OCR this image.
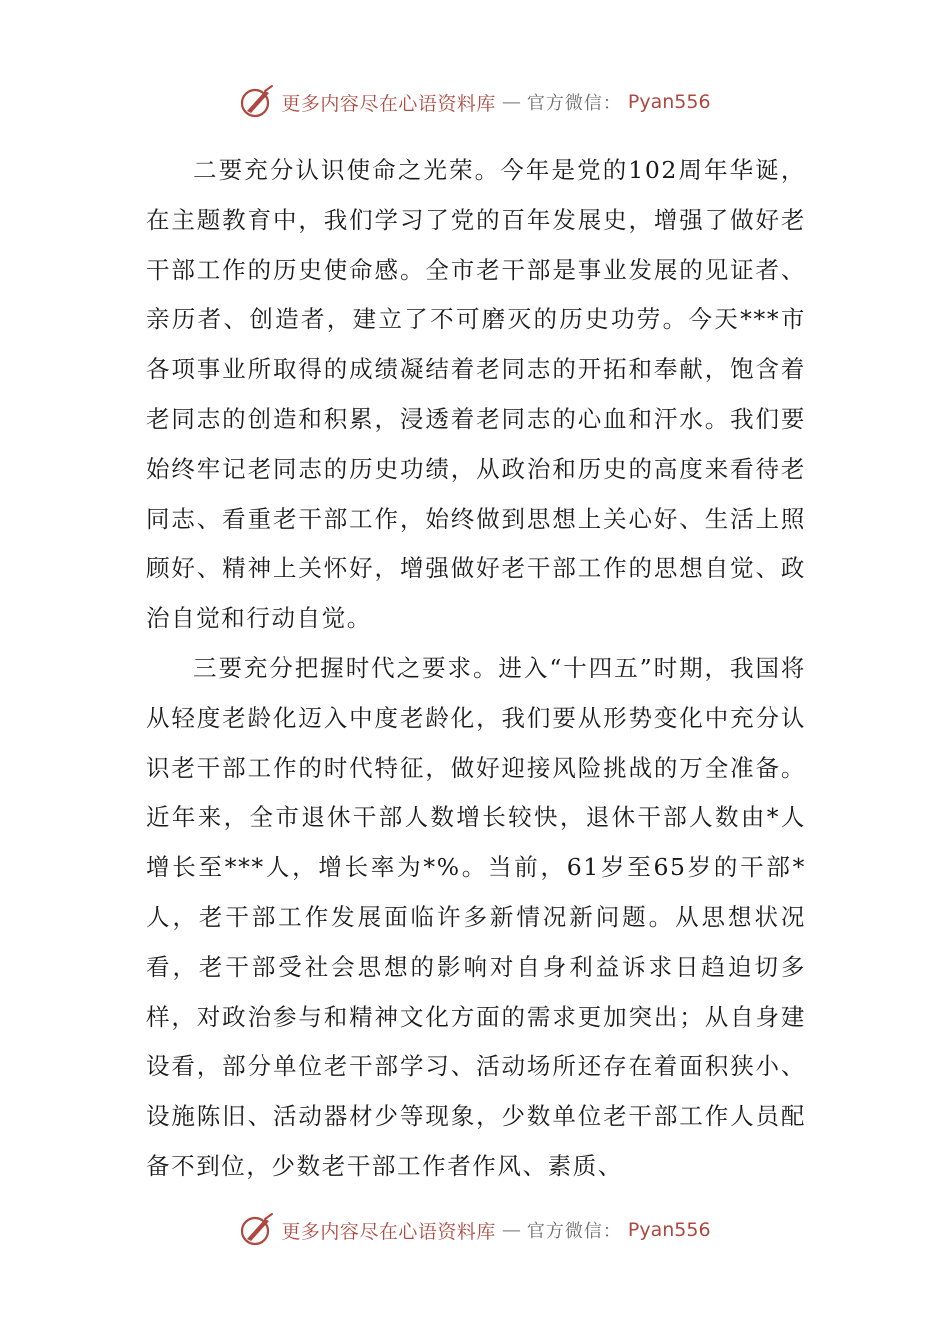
更多内容尽在心语资料库 — 官方微信： Pyan556

二要充分认识使命之光荣。今年是党的102周年华诞，在主题教育中，我们学习了党的百年发展史，增强了做好老干部工作的历史使命感。全市老干部是事业发展的见证者、亲历者、创造者，建立了不可磨灭的历史功劳。今天***市各项事业所取得的成绩凝结着老同志的开拓和奉献，饱含着老同志的创造和积累，浸透着老同志的心血和汗水。我们要始终牢记老同志的历史功绩，从政治和历史的高度来看待老同志、看重老干部工作，始终做到思想上关心好、生活上照顾好、精神上关怀好，增强做好老干部工作的思想自觉、政治自觉和行动自觉。

三要充分把握时代之要求。进入“十四五”时期，我国将从轻度老龄化迈入中度老龄化，我们要从形势变化中充分认识老干部工作的时代特征，做好迎接风险挑战的万全准备。近年来，全市退休干部人数增长较快，退休干部人数由*人增长至***人，增长率为*%。当前，61岁至65岁的干部*人，老干部工作发展面临许多新情况新问题。从思想状况看，老干部受社会思想的影响对自身利益诉求日趋迫切多样，对政治参与和精神文化方面的需求更加突出；从自身建设看，部分单位老干部学习、活动场所还存在着面积狭小、设施陈旧、活动器材少等现象，少数单位老干部工作人员配备不到位，少数老干部工作者作风、素质、

更多内容尽在心语资料库 — 官方微信： Pyan556
